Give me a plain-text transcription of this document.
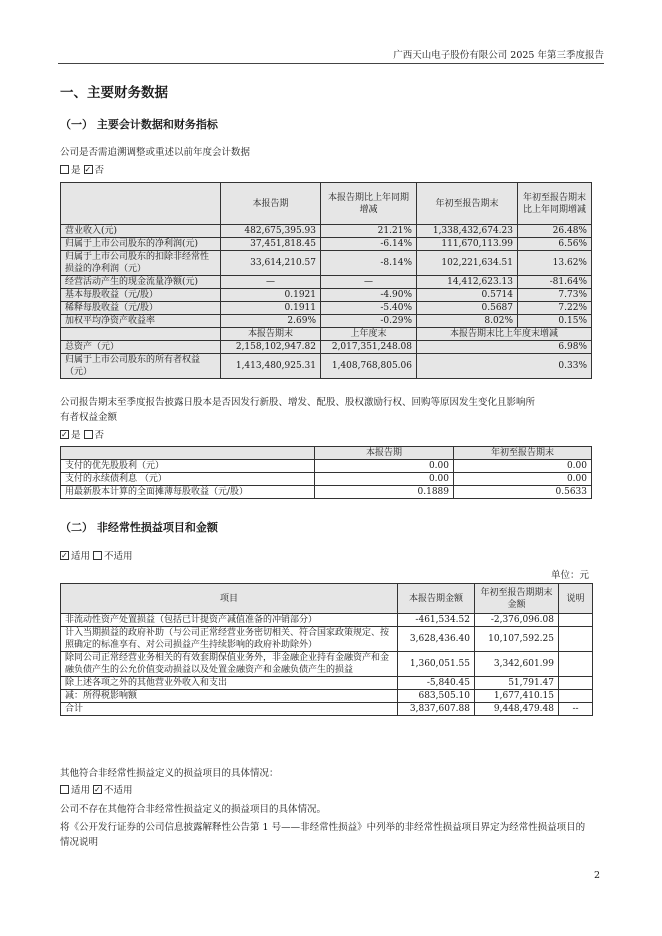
广西天山电子股份有限公司 2025 年第三季度报告
一、主要财务数据
（一） 主要会计数据和财务指标
公司是否需追溯调整或重述以前年度会计数据
是 ✓ 否
	本报告期	本报告期比上年同期增减	年初至报告期末	年初至报告期末比上年同期增减
营业收入(元)	482,675,395.93	21.21%	1,338,432,674.23	26.48%
归属于上市公司股东的净利润(元)	37,451,818.45	-6.14%	111,670,113.99	6.56%
归属于上市公司股东的扣除非经常性损益的净利润（元）	33,614,210.57	-8.14%	102,221,634.51	13.62%
经营活动产生的现金流量净额(元)	—	—	14,412,623.13	-81.64%
基本每股收益（元/股）	0.1921	-4.90%	0.5714	7.73%
稀释每股收益（元/股）	0.1911	-5.40%	0.5687	7.22%
加权平均净资产收益率	2.69%	-0.29%	8.02%	0.15%
	本报告期末	上年度末	本报告期末比上年度末增减	
总资产（元）	2,158,102,947.82	2,017,351,248.08	6.98%	
归属于上市公司股东的所有者权益（元）	1,413,480,925.31	1,408,768,805.06	0.33%	
公司报告期末至季度报告披露日股本是否因发行新股、增发、配股、股权激励行权、回购等原因发生变化且影响所有者权益金额
✓是 否
	本报告期	年初至报告期末
支付的优先股股利（元）	0.00	0.00
支付的永续债利息 （元）	0.00	0.00
用最新股本计算的全面摊薄每股收益（元/股）	0.1889	0.5633
（二） 非经常性损益项目和金额
✓适用 不适用
单位：元
项目	本报告期金额	年初至报告期期末金额	说明
非流动性资产处置损益（包括已计提资产减值准备的冲销部分）	-461,534.52	-2,376,096.08	
计入当期损益的政府补助（与公司正常经营业务密切相关、符合国家政策规定、按照确定的标准享有、对公司损益产生持续影响的政府补助除外）	3,628,436.40	10,107,592.25	
除同公司正常经营业务相关的有效套期保值业务外，非金融企业持有金融资产和金融负债产生的公允价值变动损益以及处置金融资产和金融负债产生的损益	1,360,051.55	3,342,601.99	
除上述各项之外的其他营业外收入和支出	-5,840.45	51,791.47	
减：所得税影响额	683,505.10	1,677,410.15	
合计	3,837,607.88	9,448,479.48	--
其他符合非经常性损益定义的损益项目的具体情况：
适用 ✓ 不适用
公司不存在其他符合非经常性损益定义的损益项目的具体情况。
将《公开发行证券的公司信息披露解释性公告第 1 号——非经常性损益》中列举的非经常性损益项目界定为经常性损益项目的情况说明
2
